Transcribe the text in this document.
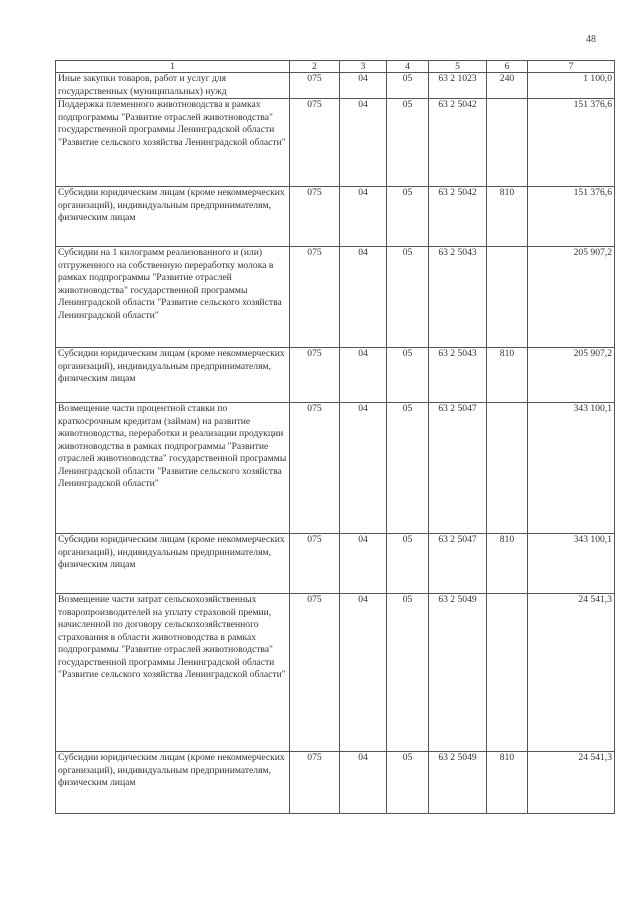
48
1	2	3	4	5	6	7
Иные закупки товаров, работ и услуг для государственных (муниципальных) нужд	075	04	05	63 2 1023	240	1 100,0
Поддержка племенного животноводства в рамках подпрограммы "Развитие отраслей животноводства" государственной программы Ленинградской области "Развитие сельского хозяйства Ленинградской области"	075	04	05	63 2 5042		151 376,6
Субсидии юридическим лицам (кроме некоммерческих организаций), индивидуальным предпринимателям, физическим лицам	075	04	05	63 2 5042	810	151 376,6
Субсидии на 1 килограмм реализованного и (или) отгруженного на собственную переработку молока в рамках подпрограммы "Развитие отраслей животноводства" государственной программы Ленинградской области "Развитие сельского хозяйства Ленинградской области"	075	04	05	63 2 5043		205 907,2
Субсидии юридическим лицам (кроме некоммерческих организаций), индивидуальным предпринимателям, физическим лицам	075	04	05	63 2 5043	810	205 907,2
Возмещение части процентной ставки по краткосрочным кредитам (займам) на развитие животноводства, переработки и реализации продукции животноводства в рамках подпрограммы "Развитие отраслей животноводства" государственной программы Ленинградской области "Развитие сельского хозяйства Ленинградской области"	075	04	05	63 2 5047		343 100,1
Субсидии юридическим лицам (кроме некоммерческих организаций), индивидуальным предпринимателям, физическим лицам	075	04	05	63 2 5047	810	343 100,1
Возмещение части затрат сельскохозяйственных товаропроизводителей на уплату страховой премии, начисленной по договору сельскохозяйственного страхования в области животноводства в рамках подпрограммы "Развитие отраслей животноводства" государственной программы Ленинградской области "Развитие сельского хозяйства Ленинградской области"	075	04	05	63 2 5049		24 541,3
Субсидии юридическим лицам (кроме некоммерческих организаций), индивидуальным предпринимателям, физическим лицам	075	04	05	63 2 5049	810	24 541,3
